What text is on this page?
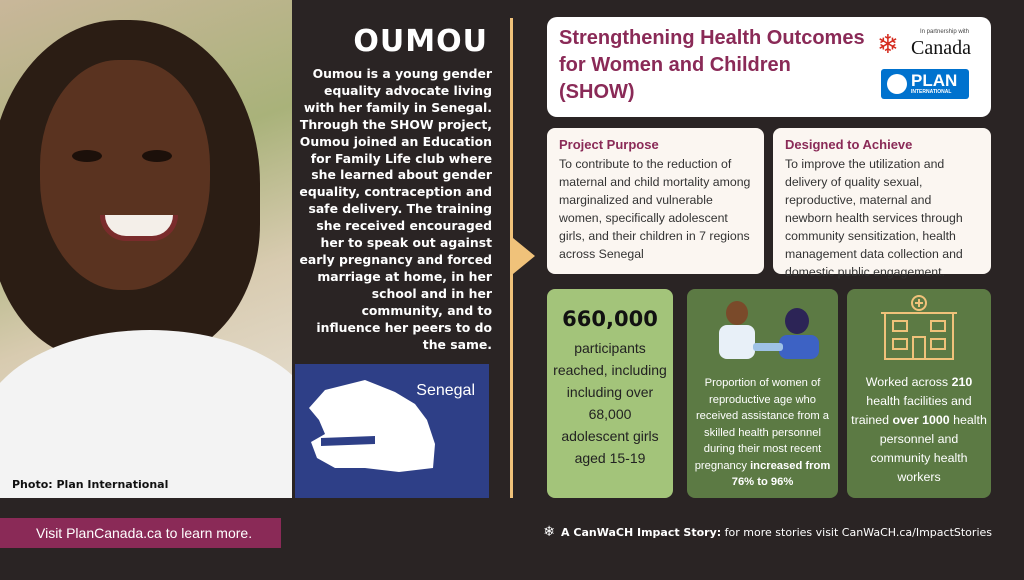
Photo: Plan International
OUMOU
Oumou is a young gender equality advocate living with her family in Senegal. Through the SHOW project, Oumou joined an Education for Family Life club where she learned about gender equality, contraception and safe delivery. The training she received encouraged her to speak out against early pregnancy and forced marriage at home, in her school and in her community, and to influence her peers to do the same.
Senegal
Strengthening Health Outcomes for Women and Children (SHOW)
❄	In partnership with
Canada
PLAN
INTERNATIONAL
Project Purpose

To contribute to the reduction of maternal and child mortality among marginalized and vulnerable women, specifically adolescent girls, and their children in 7 regions across Senegal

Designed to Achieve

To improve the utilization and delivery of quality sexual, reproductive, maternal and newborn health services through community sensitization, health management data collection and domestic public engagement.

660,000
participants reached, including including over 68,000 adolescent girls aged 15-19
Proportion of women of reproductive age who received assistance from a skilled health personnel during their most recent pregnancy increased from 76% to 96%
Worked across 210 health facilities and trained over 1000 health personnel and community health workers
Visit PlanCanada.ca to learn more.	❄ A CanWaCH Impact Story: for more stories visit CanWaCH.ca/ImpactStories
